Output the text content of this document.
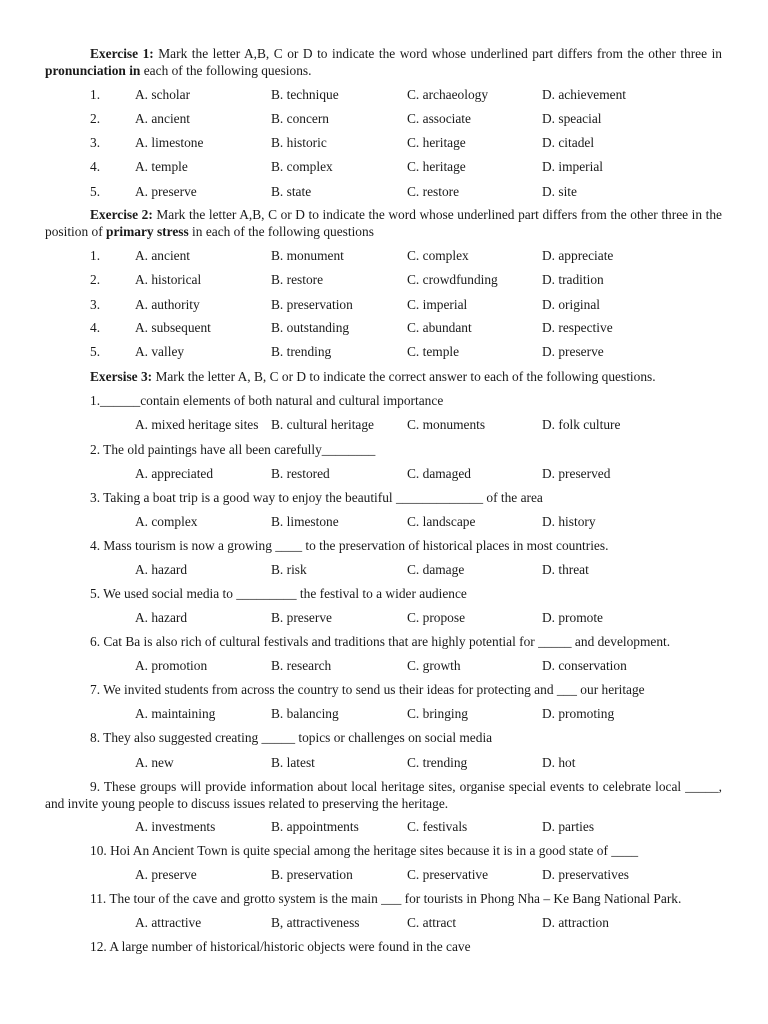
Exercise 1: Mark the letter A,B, C or D to indicate the word whose underlined part differs from the other three in pronunciation in each of the following quesions.
1.	A. scholar	B. technique	C. archaeology	D. achievement
2.	A. ancient	B. concern	C. associate	D. speacial
3.	A. limestone	B. historic	C. heritage	D. citadel
4.	A. temple	B. complex	C. heritage	D. imperial
5.	A. preserve	B. state	C. restore	D. site
Exercise 2: Mark the letter A,B, C or D to indicate the word whose underlined part differs from the other three in the position of primary stress in each of the following questions
1.	A. ancient	B. monument	C. complex	D. appreciate
2.	A. historical	B. restore	C. crowdfunding	D. tradition
3.	A. authority	B. preservation	C. imperial	D. original
4.	A. subsequent	B. outstanding	C. abundant	D. respective
5.	A. valley	B. trending	C. temple	D. preserve
Exersise 3: Mark the letter A, B, C or D to indicate the correct answer to each of the following questions.
1.______contain elements of both natural and cultural importance
A. mixed heritage sites B. cultural heritage C. monuments	D. folk culture
2. The old paintings have all been carefully________
A. appreciated	B. restored	C. damaged	D. preserved
3. Taking a boat trip is a good way to enjoy the beautiful _____________ of the area
A. complex	B. limestone	C. landscape	D. history
4. Mass tourism is now a growing ____ to the preservation of historical places in most countries.
A. hazard	B. risk	C. damage	D. threat
5. We used social media to _________ the festival to a wider audience
A. hazard	B. preserve	C. propose	D. promote
6. Cat Ba is also rich of cultural festivals and traditions that are highly potential for _____ and development.
A. promotion	B. research	C. growth	D. conservation
7. We invited students from across the country to send us their ideas for protecting and ___ our heritage
A. maintaining	B. balancing	C. bringing	D. promoting
8. They also suggested creating _____ topics or challenges on social media
A. new	B. latest	C. trending	D. hot
9. These groups will provide information about local heritage sites, organise special events to celebrate local _____, and invite young people to discuss issues related to preserving the heritage.
A. investments	B. appointments	C. festivals	D. parties
10. Hoi An Ancient Town is quite special among the heritage sites because it is in a good state of ____
A. preserve	B. preservation	C. preservative	D. preservatives
11. The tour of the cave and grotto system is the main ___ for tourists in Phong Nha – Ke Bang National Park.
A. attractive	B, attractiveness	C. attract	D. attraction
12. A large number of historical/historic objects were found in the cave
